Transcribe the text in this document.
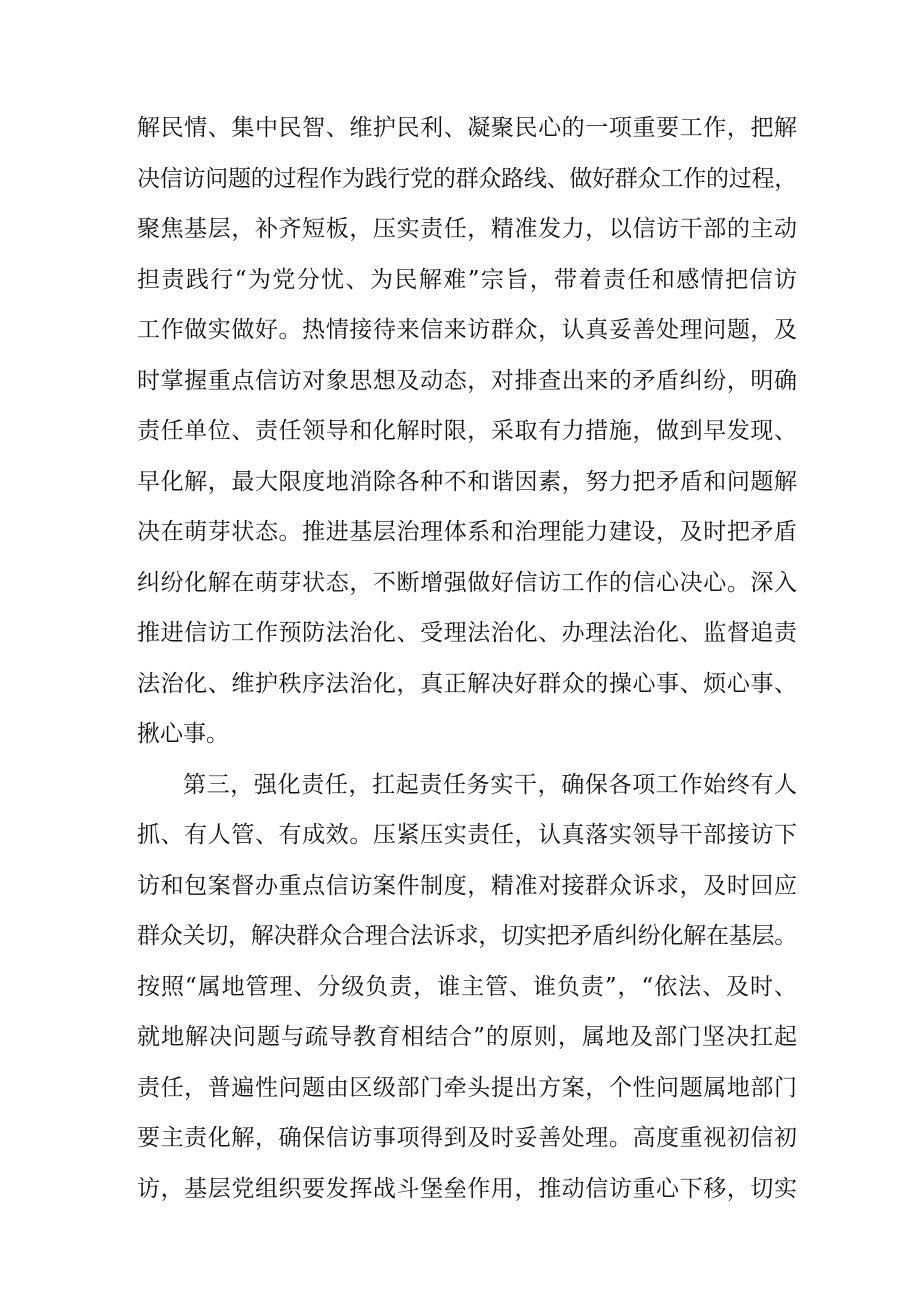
解民情、集中民智、维护民利、凝聚民心的一项重要工作，把解
决信访问题的过程作为践行党的群众路线、做好群众工作的过程，
聚焦基层，补齐短板，压实责任，精准发力，以信访干部的主动
担责践行“为党分忧、为民解难”宗旨，带着责任和感情把信访
工作做实做好。热情接待来信来访群众，认真妥善处理问题，及
时掌握重点信访对象思想及动态，对排查出来的矛盾纠纷，明确
责任单位、责任领导和化解时限，采取有力措施，做到早发现、
早化解，最大限度地消除各种不和谐因素，努力把矛盾和问题解
决在萌芽状态。推进基层治理体系和治理能力建设，及时把矛盾
纠纷化解在萌芽状态，不断增强做好信访工作的信心决心。深入
推进信访工作预防法治化、受理法治化、办理法治化、监督追责
法治化、维护秩序法治化，真正解决好群众的操心事、烦心事、
揪心事。
第三，强化责任，扛起责任务实干，确保各项工作始终有人
抓、有人管、有成效。压紧压实责任，认真落实领导干部接访下
访和包案督办重点信访案件制度，精准对接群众诉求，及时回应
群众关切，解决群众合理合法诉求，切实把矛盾纠纷化解在基层。
按照“属地管理、分级负责，谁主管、谁负责”，“依法、及时、
就地解决问题与疏导教育相结合”的原则，属地及部门坚决扛起
责任，普遍性问题由区级部门牵头提出方案，个性问题属地部门
要主责化解，确保信访事项得到及时妥善处理。高度重视初信初
访，基层党组织要发挥战斗堡垒作用，推动信访重心下移，切实
